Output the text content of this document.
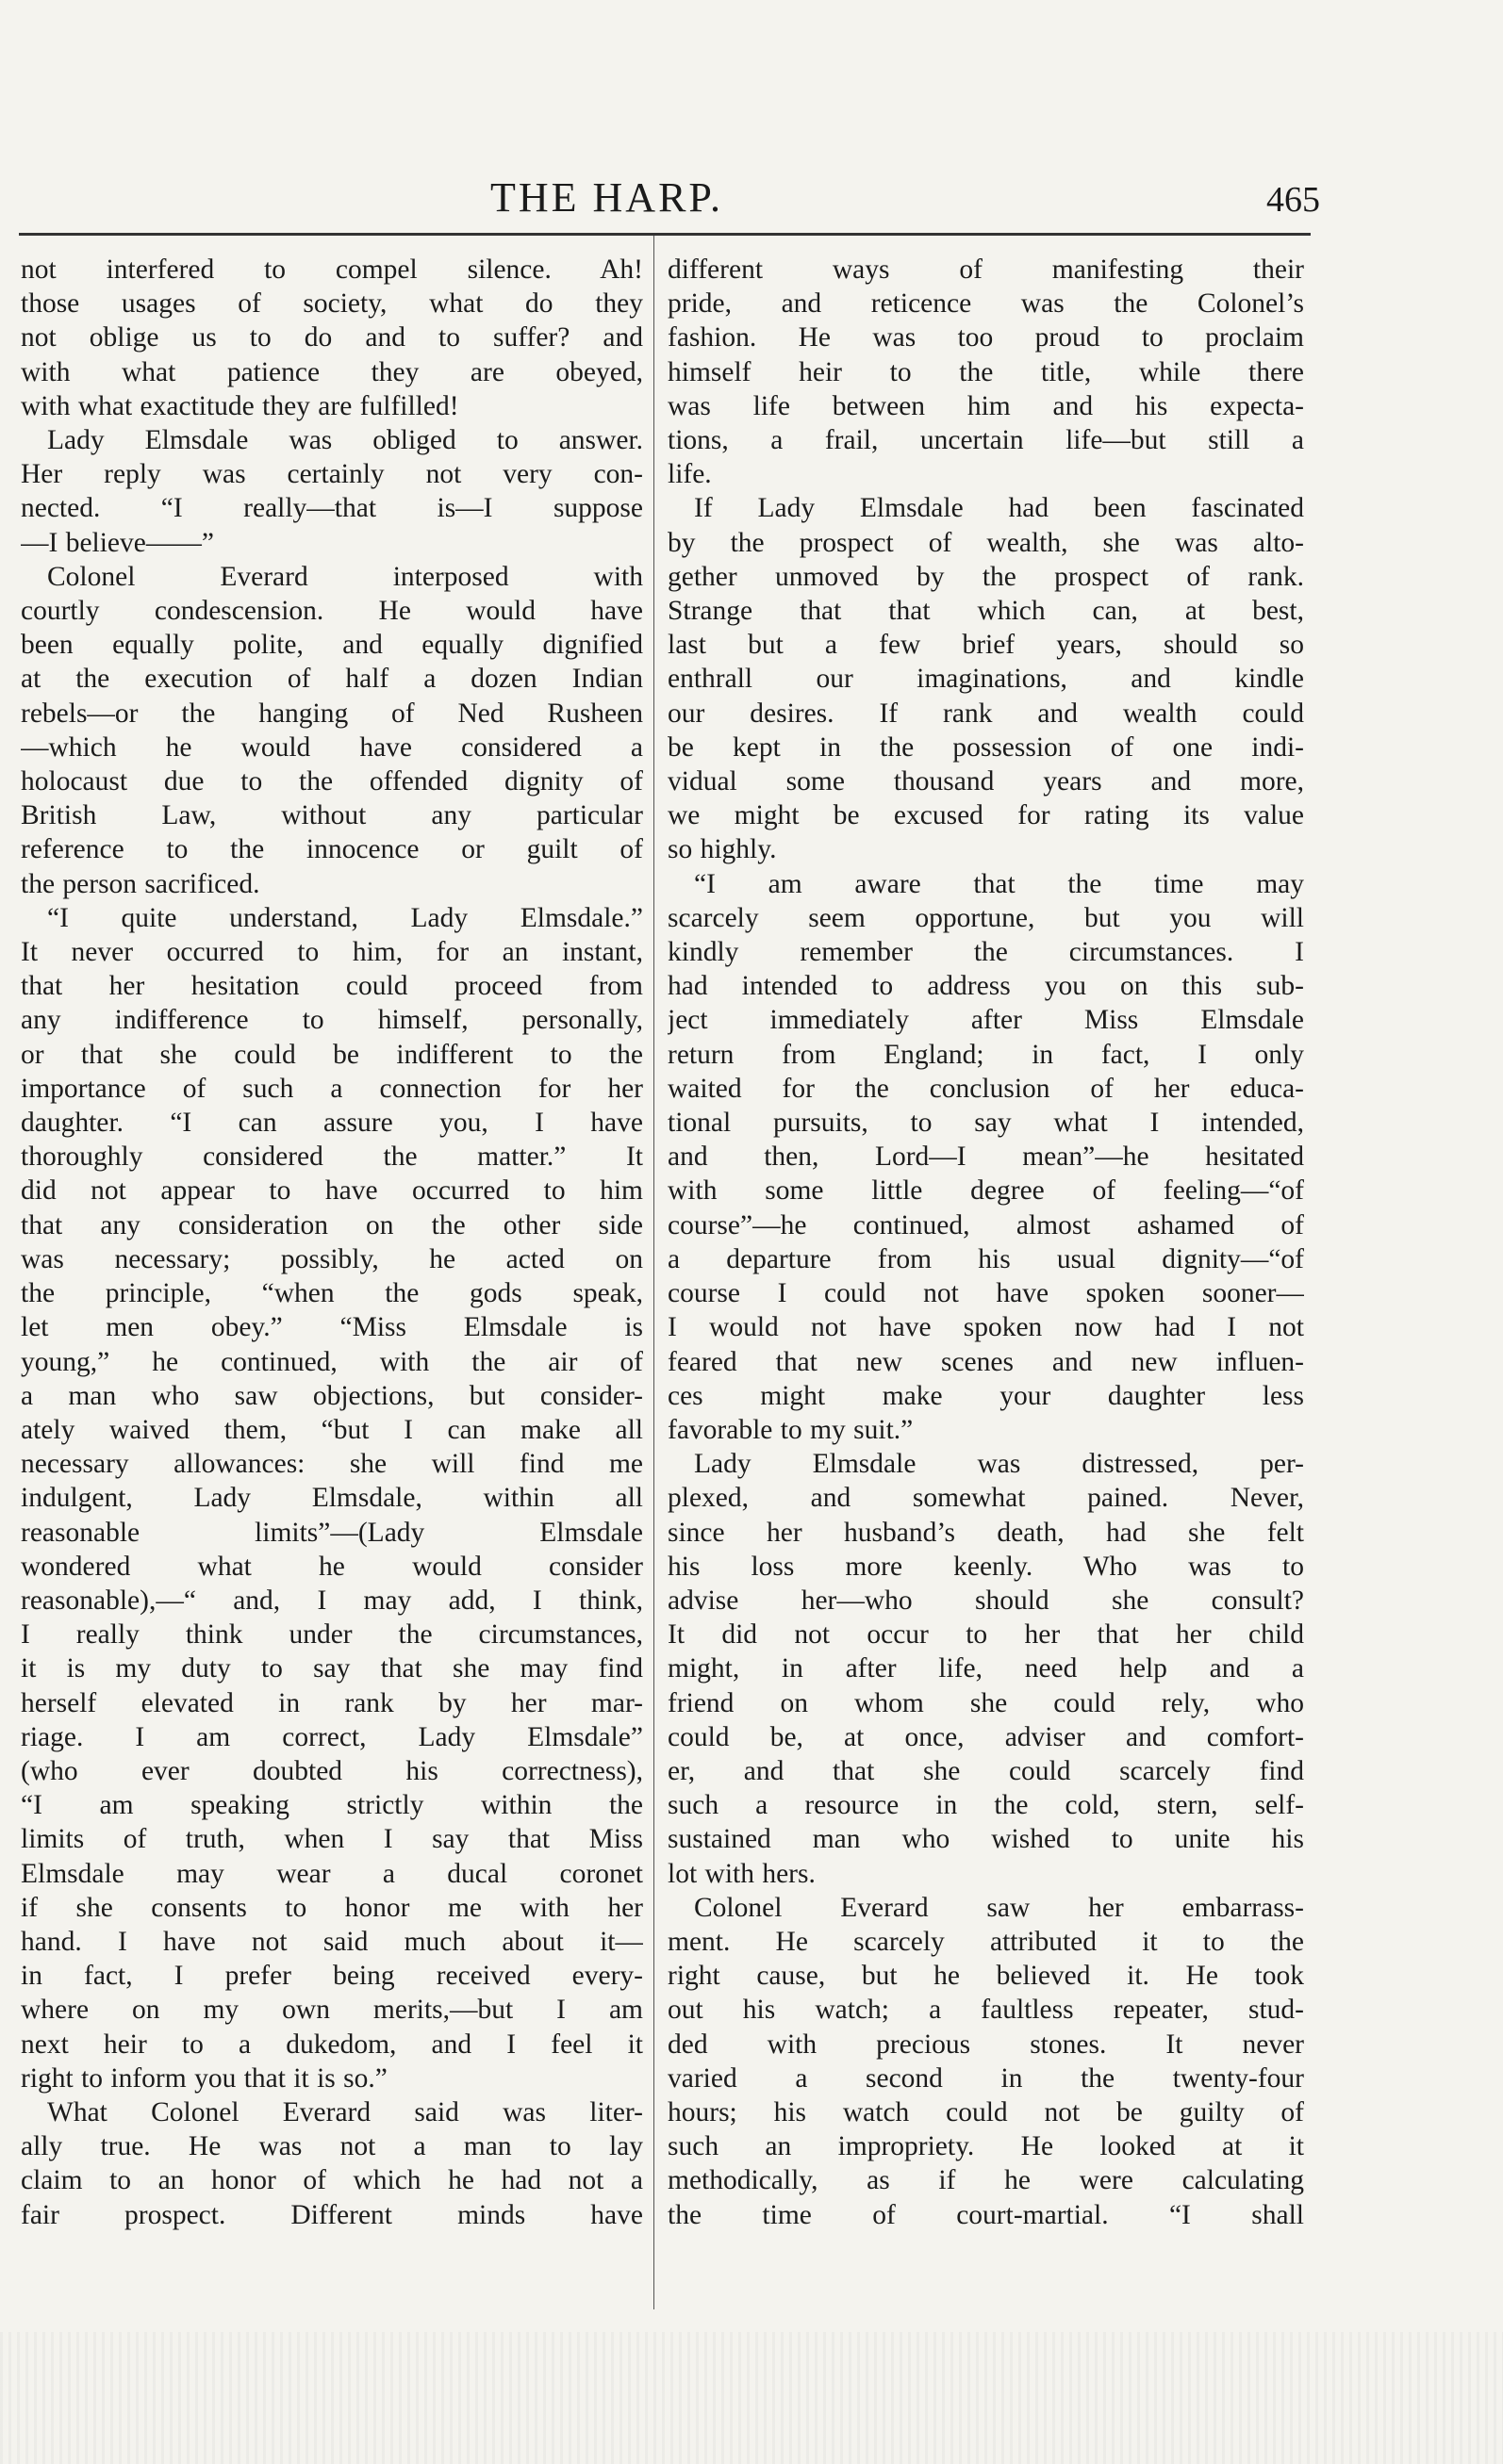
THE HARP.	465
not interfered to compel silence. Ah!
those usages of society, what do they
not oblige us to do and to suffer? and
with what patience they are obeyed,
with what exactitude they are fulfilled!
Lady Elmsdale was obliged to answer.
Her reply was certainly not very con-
nected. “I really—that is—I suppose
—I believe——”
Colonel Everard interposed with
courtly condescension. He would have
been equally polite, and equally dignified
at the execution of half a dozen Indian
rebels—or the hanging of Ned Rusheen
—which he would have considered a
holocaust due to the offended dignity of
British Law, without any particular
reference to the innocence or guilt of
the person sacrificed.
“I quite understand, Lady Elmsdale.”
It never occurred to him, for an instant,
that her hesitation could proceed from
any indifference to himself, personally,
or that she could be indifferent to the
importance of such a connection for her
daughter. “I can assure you, I have
thoroughly considered the matter.” It
did not appear to have occurred to him
that any consideration on the other side
was necessary; possibly, he acted on
the principle, “when the gods speak,
let men obey.” “Miss Elmsdale is
young,” he continued, with the air of
a man who saw objections, but consider-
ately waived them, “but I can make all
necessary allowances: she will find me
indulgent, Lady Elmsdale, within all
reasonable limits”—(Lady Elmsdale
wondered what he would consider
reasonable),—“ and, I may add, I think,
I really think under the circumstances,
it is my duty to say that she may find
herself elevated in rank by her mar-
riage. I am correct, Lady Elmsdale”
(who ever doubted his correctness),
“I am speaking strictly within the
limits of truth, when I say that Miss
Elmsdale may wear a ducal coronet
if she consents to honor me with her
hand. I have not said much about it—
in fact, I prefer being received every-
where on my own merits,—but I am
next heir to a dukedom, and I feel it
right to inform you that it is so.”
What Colonel Everard said was liter-
ally true. He was not a man to lay
claim to an honor of which he had not a
fair prospect. Different minds have
different ways of manifesting their
pride, and reticence was the Colonel’s
fashion. He was too proud to proclaim
himself heir to the title, while there
was life between him and his expecta-
tions, a frail, uncertain life—but still a
life.
If Lady Elmsdale had been fascinated
by the prospect of wealth, she was alto-
gether unmoved by the prospect of rank.
Strange that that which can, at best,
last but a few brief years, should so
enthrall our imaginations, and kindle
our desires. If rank and wealth could
be kept in the possession of one indi-
vidual some thousand years and more,
we might be excused for rating its value
so highly.
“I am aware that the time may
scarcely seem opportune, but you will
kindly remember the circumstances. I
had intended to address you on this sub-
ject immediately after Miss Elmsdale
return from England; in fact, I only
waited for the conclusion of her educa-
tional pursuits, to say what I intended,
and then, Lord—I mean”—he hesitated
with some little degree of feeling—“of
course”—he continued, almost ashamed of
a departure from his usual dignity—“of
course I could not have spoken sooner—
I would not have spoken now had I not
feared that new scenes and new influen-
ces might make your daughter less
favorable to my suit.”
Lady Elmsdale was distressed, per-
plexed, and somewhat pained. Never,
since her husband’s death, had she felt
his loss more keenly. Who was to
advise her—who should she consult?
It did not occur to her that her child
might, in after life, need help and a
friend on whom she could rely, who
could be, at once, adviser and comfort-
er, and that she could scarcely find
such a resource in the cold, stern, self-
sustained man who wished to unite his
lot with hers.
Colonel Everard saw her embarrass-
ment. He scarcely attributed it to the
right cause, but he believed it. He took
out his watch; a faultless repeater, stud-
ded with precious stones. It never
varied a second in the twenty-four
hours; his watch could not be guilty of
such an impropriety. He looked at it
methodically, as if he were calculating
the time of court-martial. “I shall
